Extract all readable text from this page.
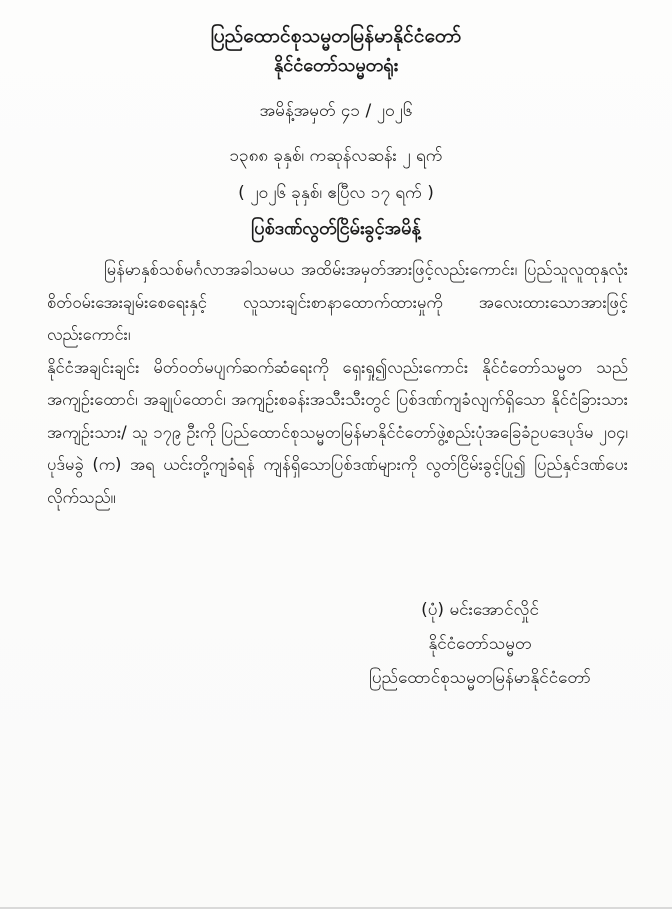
ပြည်ထောင်စုသမ္မတမြန်မာနိုင်ငံတော်
နိုင်ငံတော်သမ္မတရုံး
အမိန့်အမှတ် ၄၁ / ၂၀၂၆
၁၃၈၈ ခုနှစ်၊ ကဆုန်လဆန်း ၂ ရက်
( ၂၀၂၆ ခုနှစ်၊ ဧပြီလ ၁၇ ရက် )
ပြစ်ဒဏ်လွတ်ငြိမ်းခွင့်အမိန့်
မြန်မာနှစ်သစ်မင်္ဂလာအခါသမယ အထိမ်းအမှတ်အားဖြင့်လည်းကောင်း၊ ပြည်သူလူထုနှလုံး
စိတ်ဝမ်းအေးချမ်းစေရေးနှင့် လူသားချင်းစာနာထောက်ထားမှုကို အလေးထားသောအားဖြင့်လည်းကောင်း၊
နိုင်ငံအချင်းချင်း မိတ်ဝတ်မပျက်ဆက်ဆံရေးကို ရှေးရှု၍လည်းကောင်း နိုင်ငံတော်သမ္မတ သည်
အကျဉ်းထောင်၊ အချုပ်ထောင်၊ အကျဉ်းစခန်းအသီးသီးတွင် ပြစ်ဒဏ်ကျခံလျက်ရှိသော နိုင်ငံခြားသား
အကျဉ်းသား/ သူ ၁၇၉ ဦးကို ပြည်ထောင်စုသမ္မတမြန်မာနိုင်ငံတော်ဖွဲ့စည်းပုံအခြေခံဥပဒေပုဒ်မ ၂၀၄၊
ပုဒ်မခွဲ (က) အရ ယင်းတို့ကျခံရန် ကျန်ရှိသောပြစ်ဒဏ်များကို လွတ်ငြိမ်းခွင့်ပြု၍ ပြည်နှင်ဒဏ်ပေး
လိုက်သည်။
(ပုံ) မင်းအောင်လှိုင်
နိုင်ငံတော်သမ္မတ
ပြည်ထောင်စုသမ္မတမြန်မာနိုင်ငံတော်
